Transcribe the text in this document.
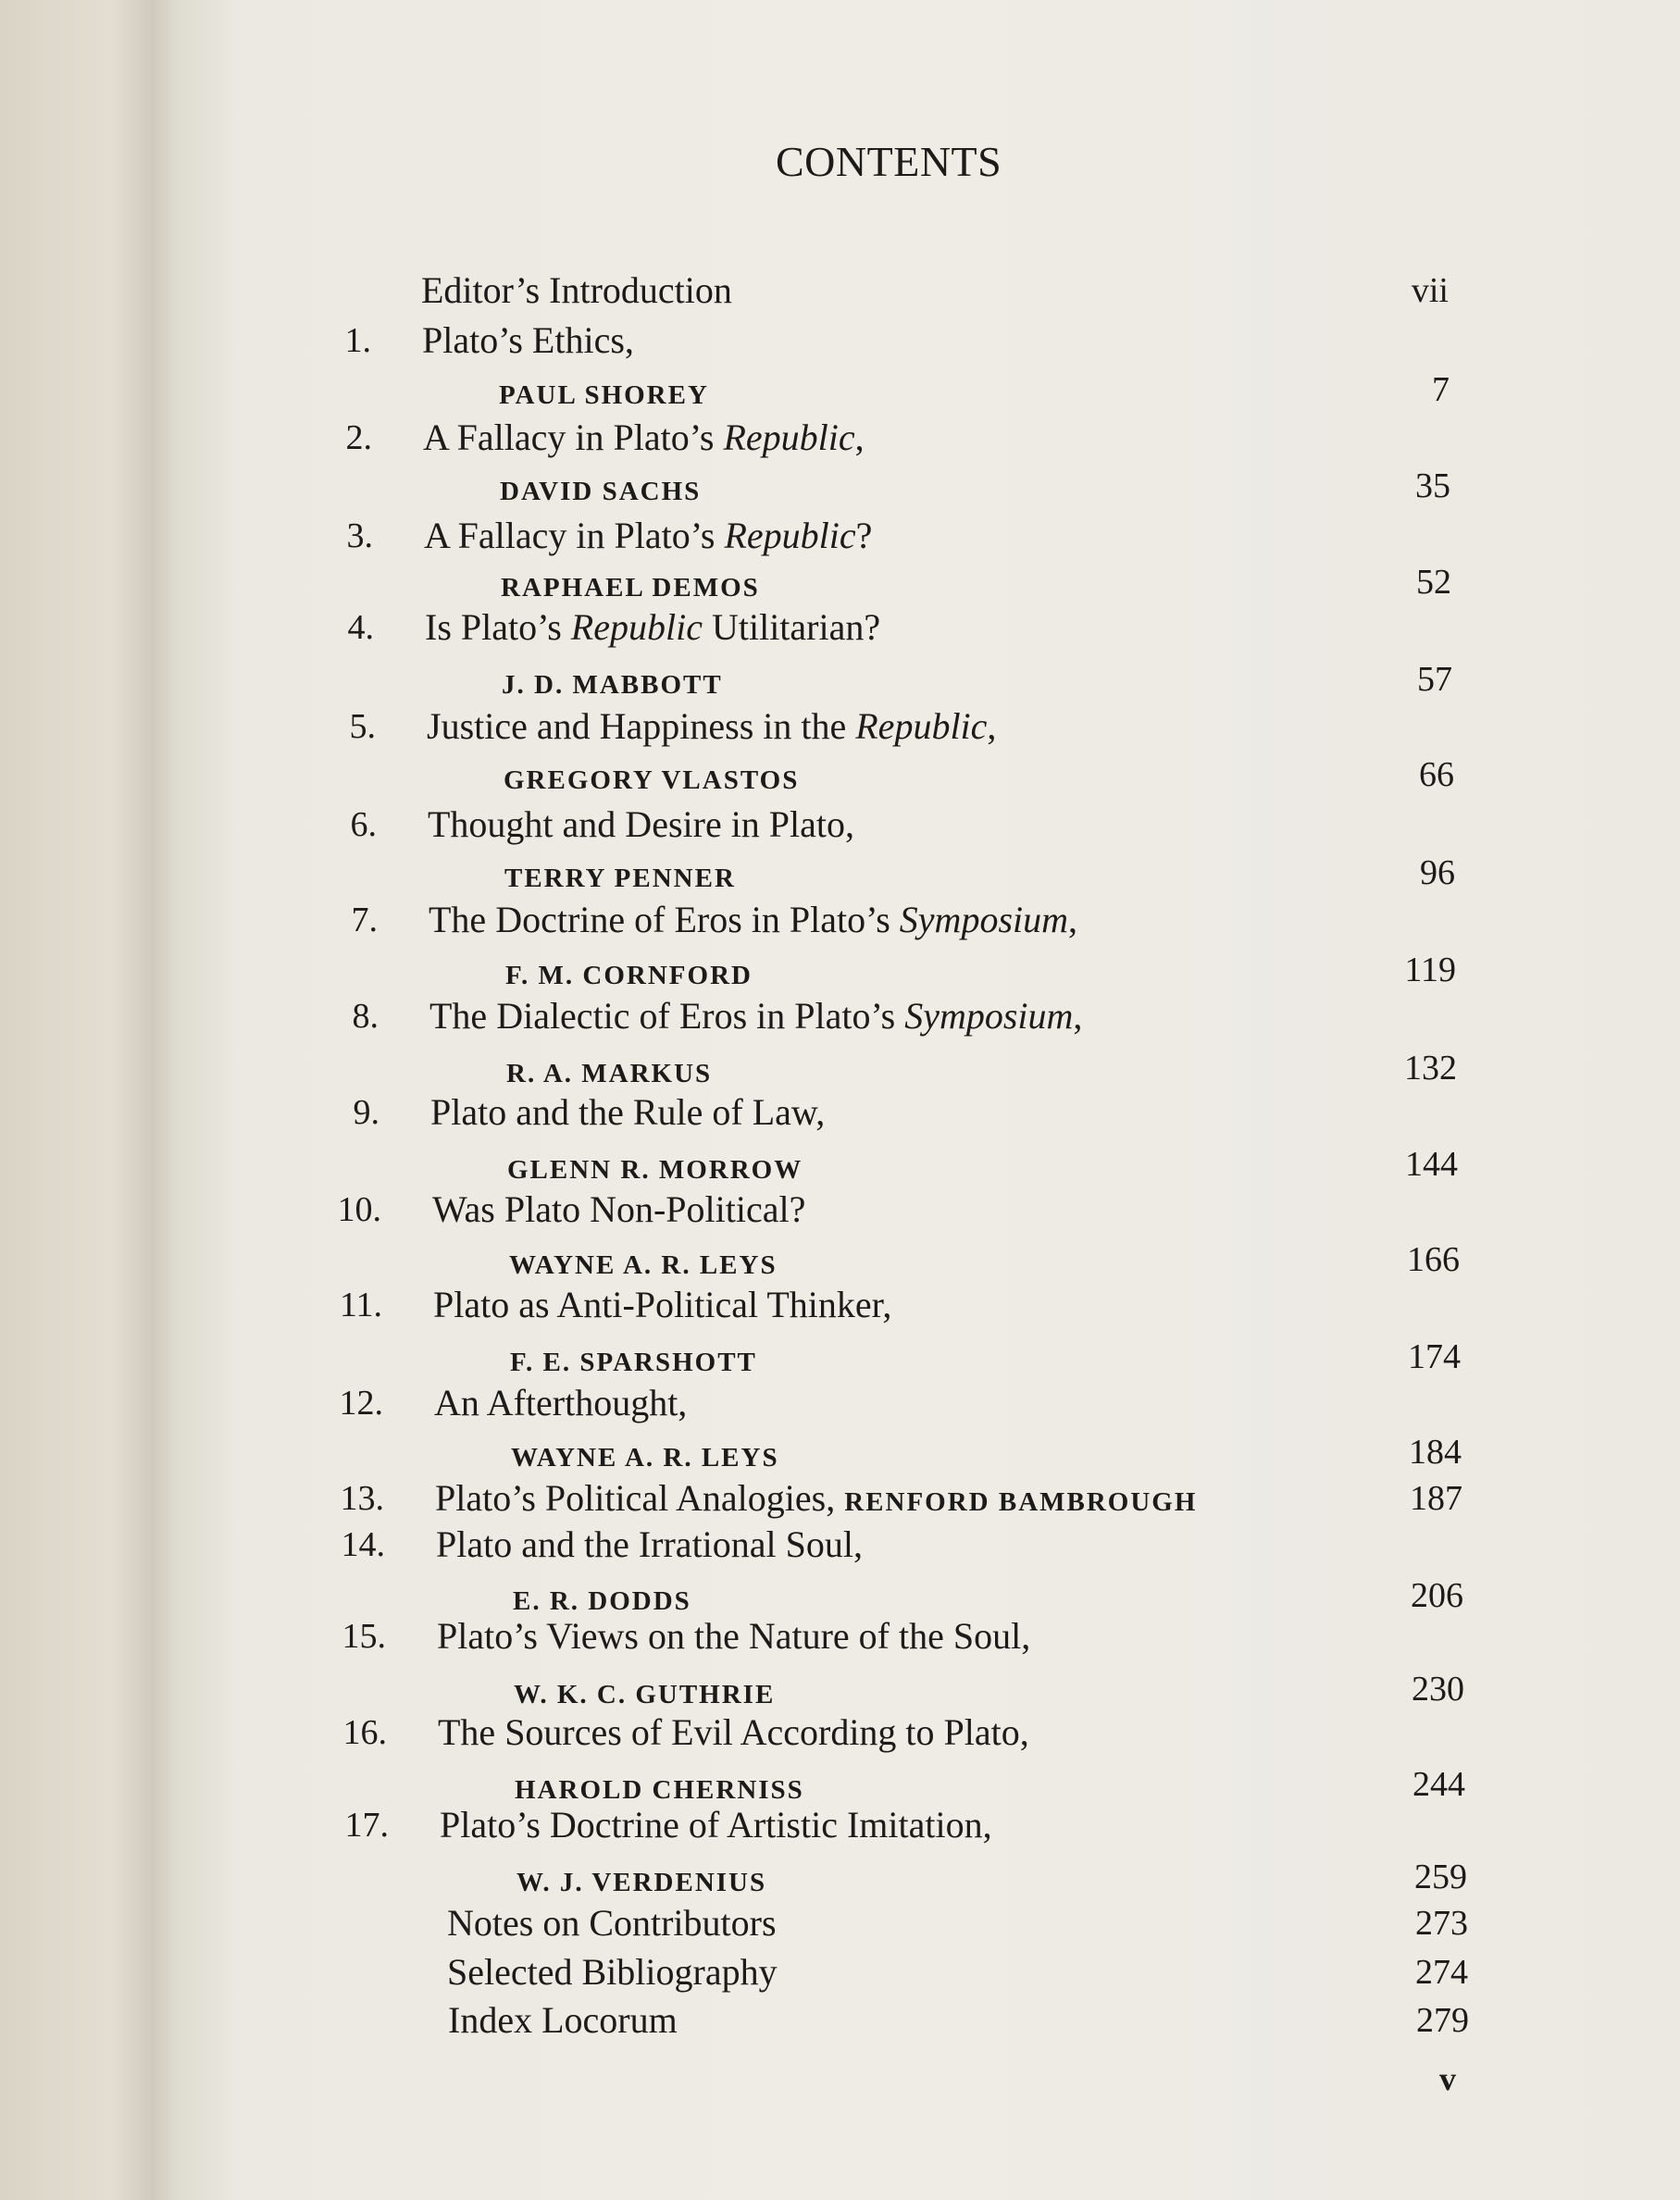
CONTENTS
Editor’s Introduction	vii
1. Plato’s Ethics,
PAUL SHOREY	7
2. A Fallacy in Plato’s Republic,
DAVID SACHS	35
3. A Fallacy in Plato’s Republic?
RAPHAEL DEMOS	52
4. Is Plato’s Republic Utilitarian?
J. D. MABBOTT	57
5. Justice and Happiness in the Republic,
GREGORY VLASTOS	66
6. Thought and Desire in Plato,
TERRY PENNER	96
7. The Doctrine of Eros in Plato’s Symposium,
F. M. CORNFORD	119
8. The Dialectic of Eros in Plato’s Symposium,
R. A. MARKUS	132
9. Plato and the Rule of Law,
GLENN R. MORROW	144
10. Was Plato Non-Political?
WAYNE A. R. LEYS	166
11. Plato as Anti-Political Thinker,
F. E. SPARSHOTT	174
12. An Afterthought,
WAYNE A. R. LEYS	184
13. Plato’s Political Analogies, RENFORD BAMBROUGH	187
14. Plato and the Irrational Soul,
E. R. DODDS	206
15. Plato’s Views on the Nature of the Soul,
W. K. C. GUTHRIE	230
16. The Sources of Evil According to Plato,
HAROLD CHERNISS	244
17. Plato’s Doctrine of Artistic Imitation,
W. J. VERDENIUS	259
Notes on Contributors	273
Selected Bibliography	274
Index Locorum	279
v
